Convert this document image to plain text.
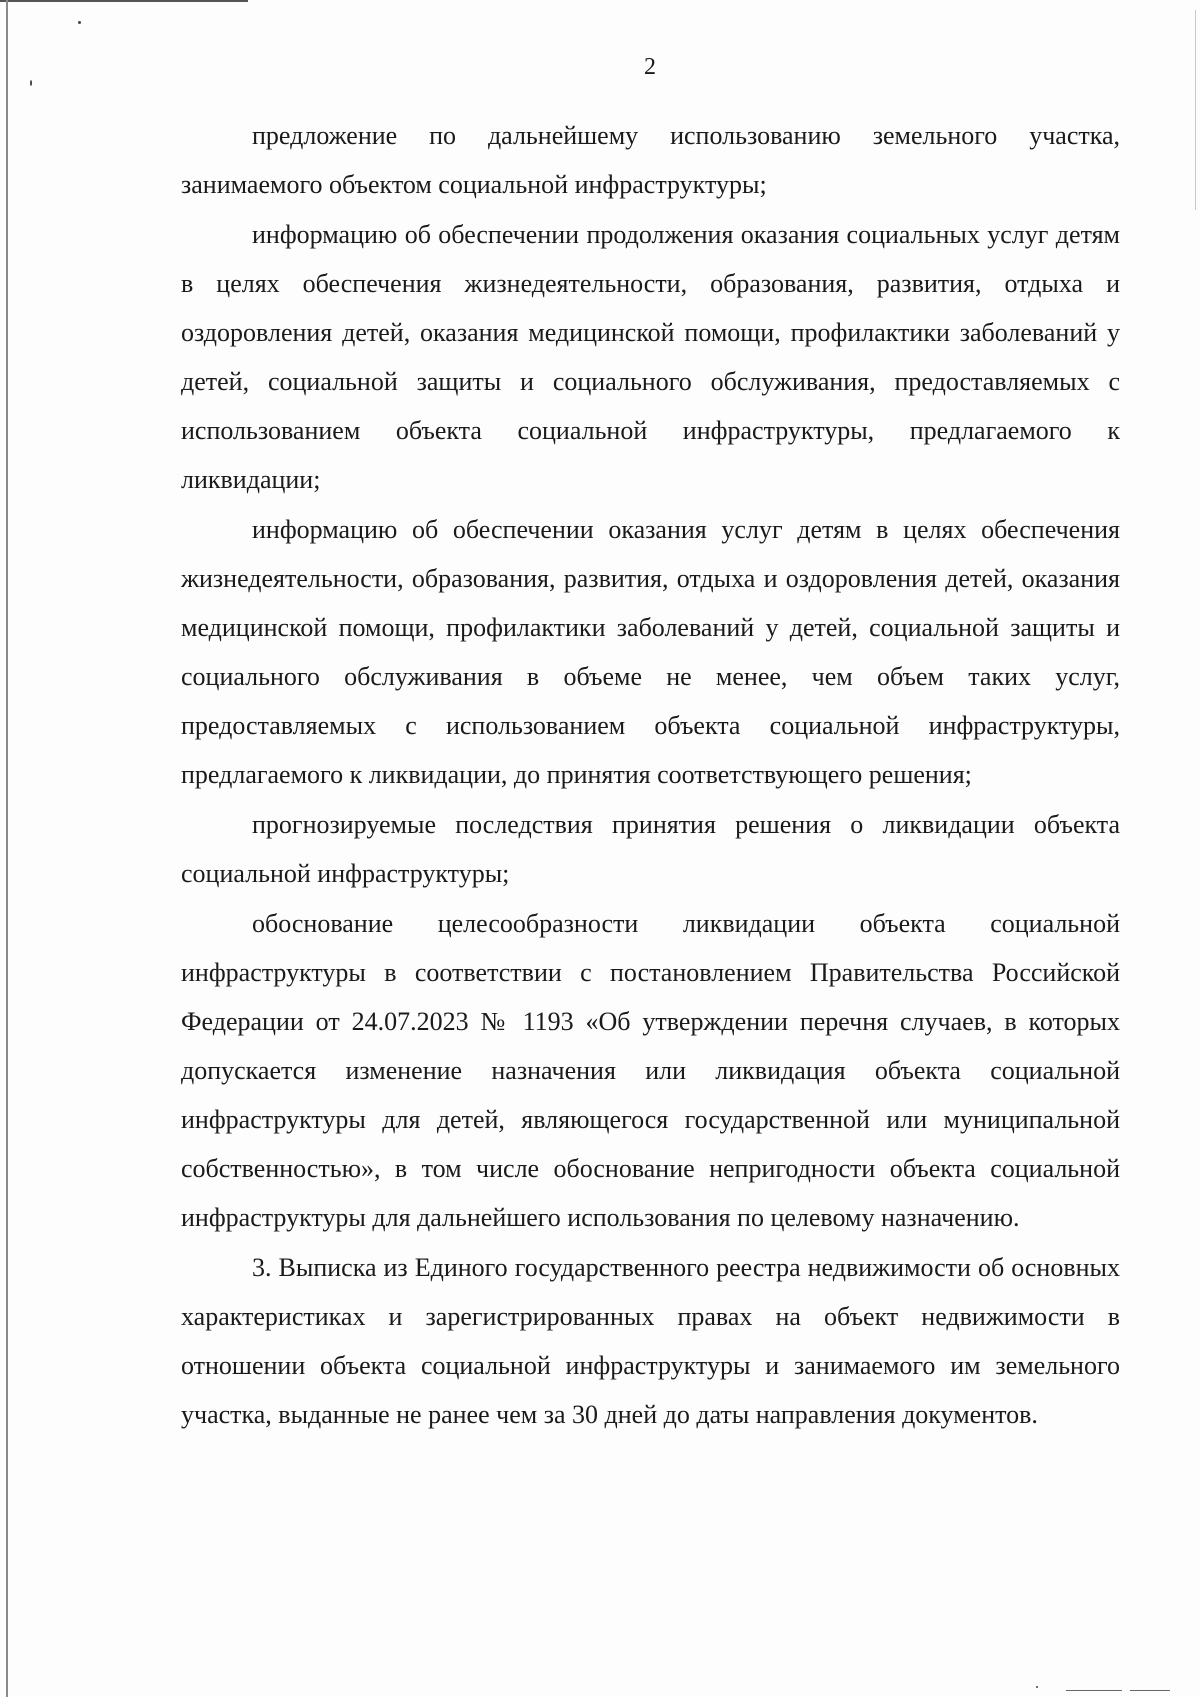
2

предложение по дальнейшему использованию земельного участка, занимаемого объектом социальной инфраструктуры;

информацию об обеспечении продолжения оказания социальных услуг детям в целях обеспечения жизнедеятельности, образования, развития, отдыха и оздоровления детей, оказания медицинской помощи, профилактики заболеваний у детей, социальной защиты и социального обслуживания, предоставляемых с использованием объекта социальной инфраструктуры, предлагаемого к ликвидации;

информацию об обеспечении оказания услуг детям в целях обеспечения жизнедеятельности, образования, развития, отдыха и оздоровления детей, оказания медицинской помощи, профилактики заболеваний у детей, социальной защиты и социального обслуживания в объеме не менее, чем объем таких услуг, предоставляемых с использованием объекта социальной инфраструктуры, предлагаемого к ликвидации, до принятия соответствующего решения;

прогнозируемые последствия принятия решения о ликвидации объекта социальной инфраструктуры;

обоснование целесообразности ликвидации объекта социальной инфраструктуры в соответствии с постановлением Правительства Российской Федерации от 24.07.2023 № 1193 «Об утверждении перечня случаев, в которых допускается изменение назначения или ликвидация объекта социальной инфраструктуры для детей, являющегося государственной или муниципальной собственностью», в том числе обоснование непригодности объекта социальной инфраструктуры для дальнейшего использования по целевому назначению.

3. Выписка из Единого государственного реестра недвижимости об основных характеристиках и зарегистрированных правах на объект недвижимости в отношении объекта социальной инфраструктуры и занимаемого им земельного участка, выданные не ранее чем за 30 дней до даты направления документов.
